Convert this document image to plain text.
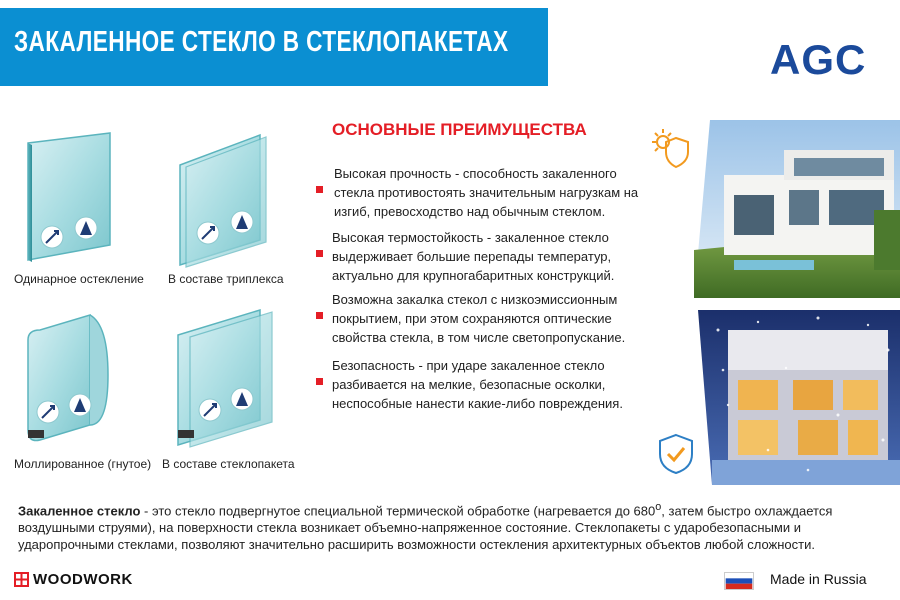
ЗАКАЛЕННОЕ СТЕКЛО В СТЕКЛОПАКЕТАХ	AGC
Одинарное остекление В составе триплекса
Моллированное (гнутое) В составе стеклопакета
ОСНОВНЫЕ ПРЕИМУЩЕСТВА
Высокая прочность - способность закаленного стекла противостоять значительным нагрузкам на изгиб, превосходство над обычным стеклом.
Высокая термостойкость - закаленное стекло выдерживает большие перепады температур, актуально для крупногабаритных конструкций.
Возможна закалка стекол с низкоэмиссионным покрытием, при этом сохраняются оптические свойства стекла, в том числе светопропускание.
Безопасность - при ударе закаленное стекло разбивается на мелкие, безопасные осколки, неспособные нанести какие-либо повреждения.
Закаленное стекло - это стекло подвергнутое специальной термической обработке (нагревается до 680$^o$, затем быстро охлаждается воздушными струями), на поверхности стекла возникает объемно-напряженное состояние. Стеклопакеты с ударобезопасными и ударопрочными стеклами, позволяют значительно расширить возможности остекления архитектурных объектов любой сложности.
WOODWORK	Made in Russia
